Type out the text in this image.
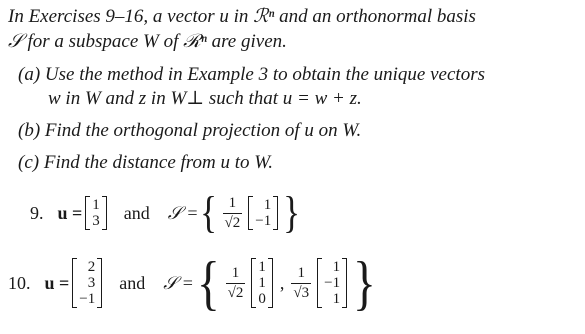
In Exercises 9–16, a vector u in ℛⁿ and an orthonormal basis
𝒮 for a subspace W of ℛⁿ are given.
(a) Use the method in Example 3 to obtain the unique vectors
w in W and z in W⊥ such that u = w + z.
(b) Find the orthogonal projection of u on W.
(c) Find the distance from u to W.
9. u = 1
3 and 𝒮 = { $\frac{1}{√2} 1$
−1 }
10. u =
2
3
−1
and 𝒮 = { $\frac{1}{√2} 1$
1
0
, $\frac{1}{√3} 1$
−1
1 }
